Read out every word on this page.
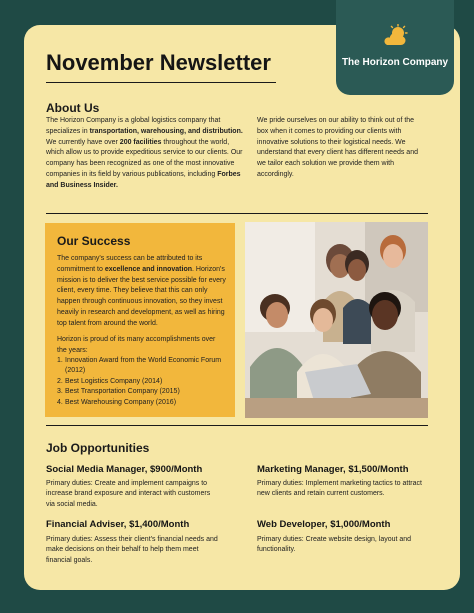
The Horizon Company
November Newsletter

About Us

The Horizon Company is a global logistics company that specializes in transportation, warehousing, and distribution. We currently have over 200 facilities throughout the world, which allow us to provide expeditious service to our clients. Our company has been recognized as one of the most innovative companies in its field by various publications, including Forbes and Business Insider.
We pride ourselves on our ability to think out of the box when it comes to providing our clients with innovative solutions to their logistical needs. We understand that every client has different needs and we tailor each solution we provide them with accordingly.

Our Success

The company's success can be attributed to its commitment to excellence and innovation. Horizon's mission is to deliver the best service possible for every client, every time. They believe that this can only happen through continuous innovation, so they invest heavily in research and development, as well as hiring top talent from around the world.
Horizon is proud of its many accomplishments over the years:
1. Innovation Award from the World Economic Forum (2012)
2. Best Logistics Company (2014)
3. Best Transportation Company (2015)
4. Best Warehousing Company (2016)

Job Opportunities

Social Media Manager, $900/Month

Primary duties: Create and implement campaigns to increase brand exposure and interact with customers via social media.

Marketing Manager, $1,500/Month

Primary duties: Implement marketing tactics to attract new clients and retain current customers.

Financial Adviser, $1,400/Month

Primary duties: Assess their client's financial needs and make decisions on their behalf to help them meet financial goals.

Web Developer, $1,000/Month

Primary duties: Create website design, layout and functionality.
